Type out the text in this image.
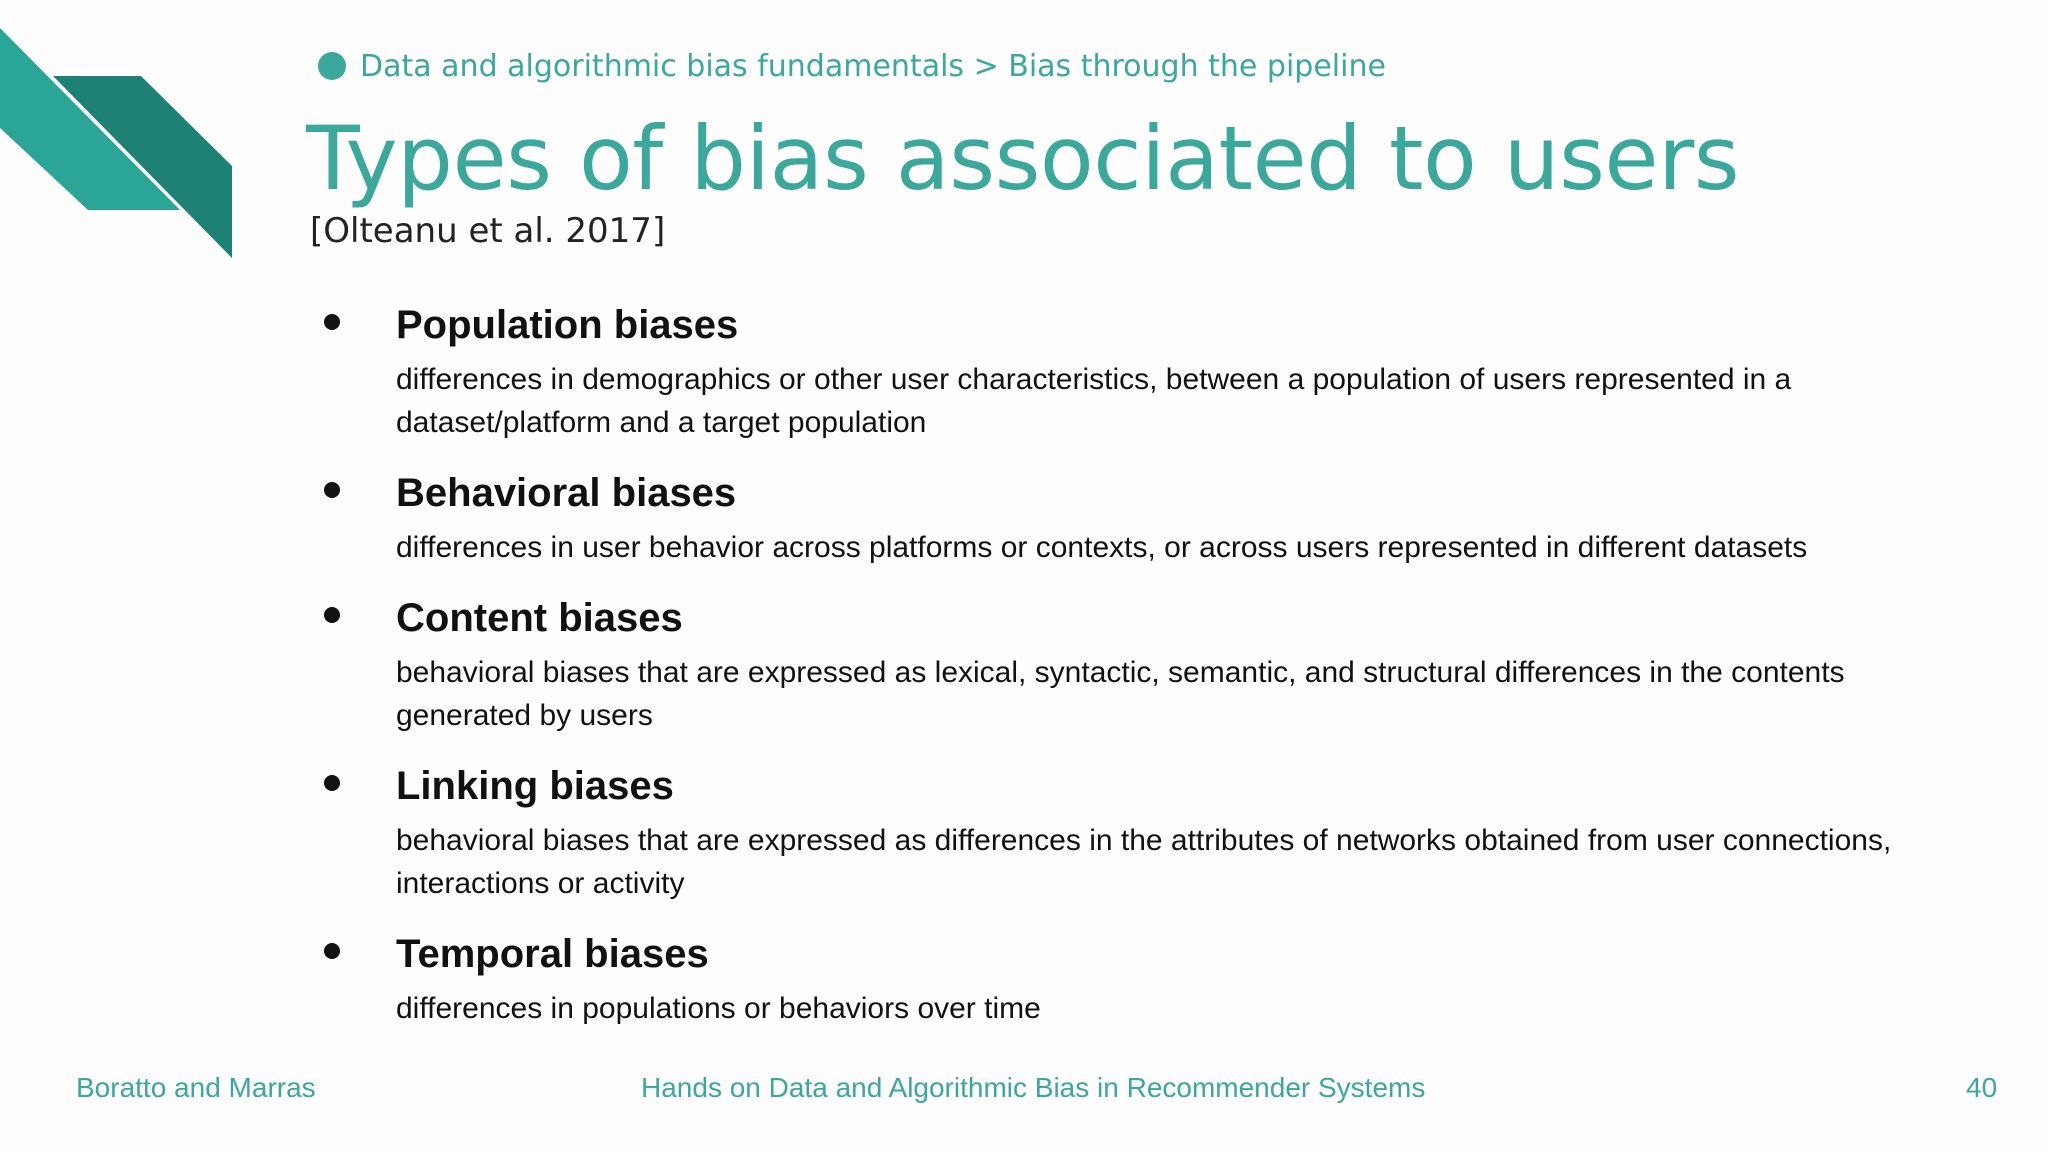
Data and algorithmic bias fundamentals > Bias through the pipeline
Types of bias associated to users
[Olteanu et al. 2017]
Population biases
differences in demographics or other user characteristics, between a population of users represented in a dataset/platform and a target population
Behavioral biases
differences in user behavior across platforms or contexts, or across users represented in different datasets
Content biases
behavioral biases that are expressed as lexical, syntactic, semantic, and structural differences in the contents generated by users
Linking biases
behavioral biases that are expressed as differences in the attributes of networks obtained from user connections, interactions or activity
Temporal biases
differences in populations or behaviors over time
Boratto and Marras	Hands on Data and Algorithmic Bias in Recommender Systems	40
